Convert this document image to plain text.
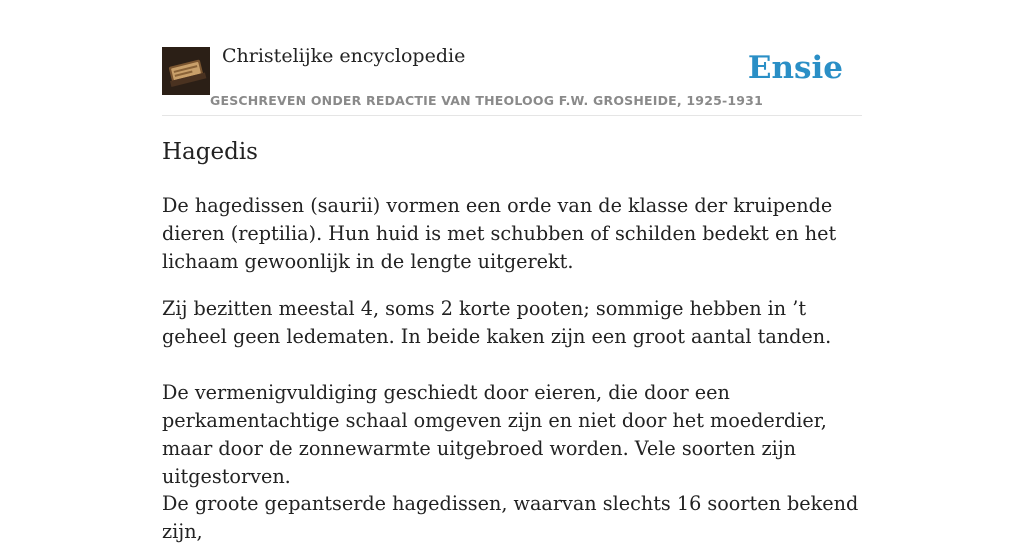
Christelijke encyclopedie
GESCHREVEN ONDER REDACTIE VAN THEOLOOG F.W. GROSHEIDE, 1925-1931
Ensie
Hagedis

De hagedissen (saurii) vormen een orde van de klasse der kruipende dieren (reptilia). Hun huid is met schubben of schilden bedekt en het lichaam gewoonlijk in de lengte uitgerekt.

Zij bezitten meestal 4, soms 2 korte pooten; sommige hebben in ’t geheel geen ledematen. In beide kaken zijn een groot aantal tanden.

De vermenigvuldiging geschiedt door eieren, die door een perkamentachtige schaal omgeven zijn en niet door het moederdier, maar door de zonnewarmte uitgebroed worden. Vele soorten zijn uitgestorven.

De groote gepantserde hagedissen, waarvan slechts 16 soorten bekend zijn,
